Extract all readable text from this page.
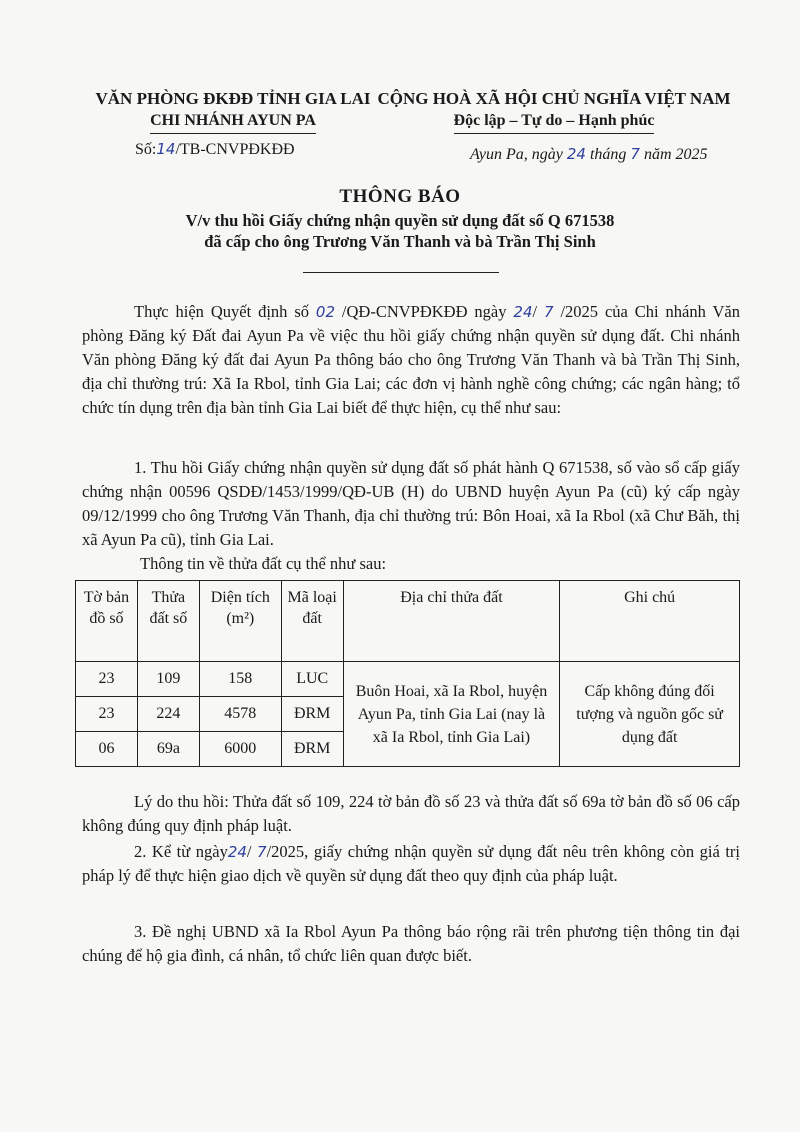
VĂN PHÒNG ĐKĐĐ TỈNH GIA LAI
CHI NHÁNH AYUN PA
CỘNG HOÀ XÃ HỘI CHỦ NGHĨA VIỆT NAM
Độc lập – Tự do – Hạnh phúc
Số:14/TB-CNVPĐKĐĐ	Ayun Pa, ngày 24 tháng 7 năm 2025
THÔNG BÁO
V/v thu hồi Giấy chứng nhận quyền sử dụng đất số Q 671538
đã cấp cho ông Trương Văn Thanh và bà Trần Thị Sinh
Thực hiện Quyết định số 02 /QĐ-CNVPĐKĐĐ ngày 24/ 7 /2025 của Chi nhánh Văn phòng Đăng ký Đất đai Ayun Pa về việc thu hồi giấy chứng nhận quyền sử dụng đất. Chi nhánh Văn phòng Đăng ký đất đai Ayun Pa thông báo cho ông Trương Văn Thanh và bà Trần Thị Sinh, địa chỉ thường trú: Xã Ia Rbol, tỉnh Gia Lai; các đơn vị hành nghề công chứng; các ngân hàng; tổ chức tín dụng trên địa bàn tỉnh Gia Lai biết để thực hiện, cụ thể như sau:
1. Thu hồi Giấy chứng nhận quyền sử dụng đất số phát hành Q 671538, số vào sổ cấp giấy chứng nhận 00596 QSDĐ/1453/1999/QĐ-UB (H) do UBND huyện Ayun Pa (cũ) ký cấp ngày 09/12/1999 cho ông Trương Văn Thanh, địa chỉ thường trú: Bôn Hoai, xã Ia Rbol (xã Chư Băh, thị xã Ayun Pa cũ), tỉnh Gia Lai.
Thông tin về thửa đất cụ thể như sau:
Tờ bản đồ số	Thửa đất số	Diện tích (m²)	Mã loại đất	Địa chỉ thửa đất	Ghi chú
23	109	158	LUC	Buôn Hoai, xã Ia Rbol, huyện Ayun Pa, tỉnh Gia Lai (nay là xã Ia Rbol, tỉnh Gia Lai)	Cấp không đúng đối tượng và nguồn gốc sử dụng đất
23	224	4578	ĐRM		
06	69a	6000	ĐRM		
Lý do thu hồi: Thửa đất số 109, 224 tờ bản đồ số 23 và thửa đất số 69a tờ bản đồ số 06 cấp không đúng quy định pháp luật.
2. Kể từ ngày24/ 7/2025, giấy chứng nhận quyền sử dụng đất nêu trên không còn giá trị pháp lý để thực hiện giao dịch về quyền sử dụng đất theo quy định của pháp luật.
3. Đề nghị UBND xã Ia Rbol Ayun Pa thông báo rộng rãi trên phương tiện thông tin đại chúng để hộ gia đình, cá nhân, tổ chức liên quan được biết.
